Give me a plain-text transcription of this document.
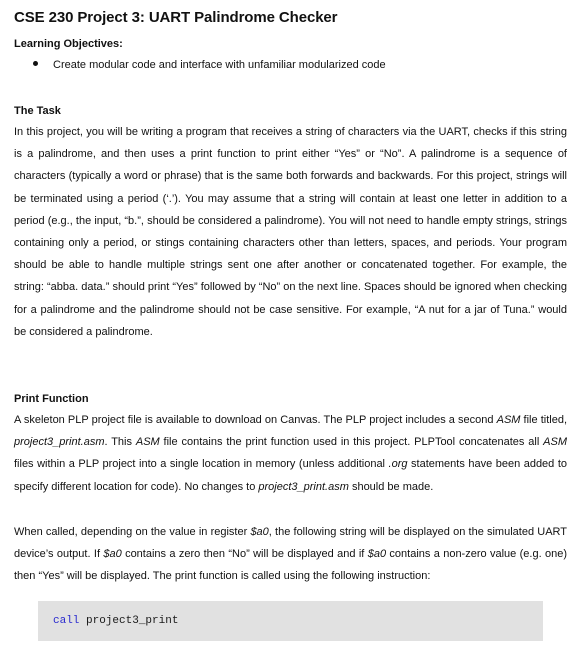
CSE 230 Project 3: UART Palindrome Checker
Learning Objectives:
Create modular code and interface with unfamiliar modularized code
The Task
In this project, you will be writing a program that receives a string of characters via the UART, checks if this string is a palindrome, and then uses a print function to print either “Yes” or “No”. A palindrome is a sequence of characters (typically a word or phrase) that is the same both forwards and backwards. For this project, strings will be terminated using a period (‘.’). You may assume that a string will contain at least one letter in addition to a period (e.g., the input, “b.”, should be considered a palindrome). You will not need to handle empty strings, strings containing only a period, or stings containing characters other than letters, spaces, and periods. Your program should be able to handle multiple strings sent one after another or concatenated together. For example, the string: “abba. data.” should print “Yes” followed by “No” on the next line. Spaces should be ignored when checking for a palindrome and the palindrome should not be case sensitive. For example, “A nut for a jar of Tuna.” would be considered a palindrome.
Print Function
A skeleton PLP project file is available to download on Canvas. The PLP project includes a second ASM file titled, project3_print.asm. This ASM file contains the print function used in this project. PLPTool concatenates all ASM files within a PLP project into a single location in memory (unless additional .org statements have been added to specify different location for code). No changes to project3_print.asm should be made.
When called, depending on the value in register $a0, the following string will be displayed on the simulated UART device’s output. If $a0 contains a zero then “No” will be displayed and if $a0 contains a non-zero value (e.g. one) then “Yes” will be displayed. The print function is called using the following instruction:
call project3_print
